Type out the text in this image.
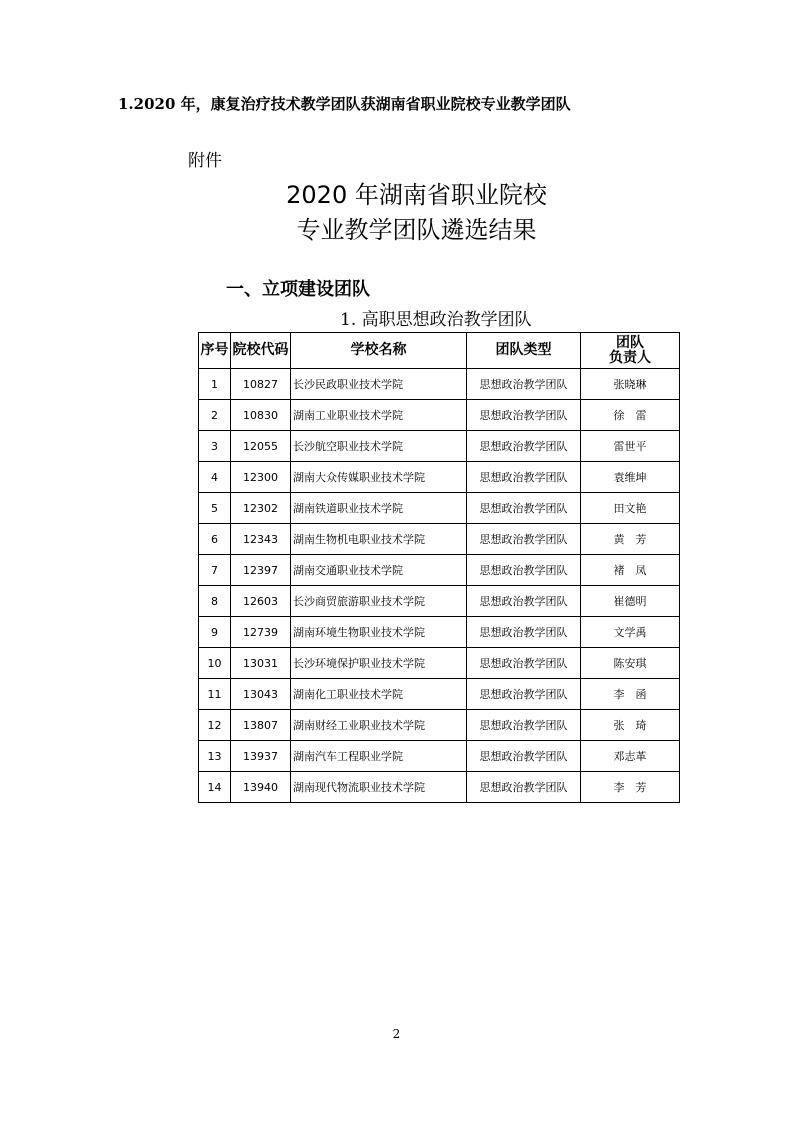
1.2020 年，康复治疗技术教学团队获湖南省职业院校专业教学团队
附件
2020 年湖南省职业院校
专业教学团队遴选结果
一、立项建设团队
1. 高职思想政治教学团队
序号	院校代码	学校名称	团队类型	团队
负责人

1	10827	长沙民政职业技术学院	思想政治教学团队	张晓琳
2	10830	湖南工业职业技术学院	思想政治教学团队	徐　雷
3	12055	长沙航空职业技术学院	思想政治教学团队	雷世平
4	12300	湖南大众传媒职业技术学院	思想政治教学团队	袁维坤
5	12302	湖南铁道职业技术学院	思想政治教学团队	田文艳
6	12343	湖南生物机电职业技术学院	思想政治教学团队	黄　芳
7	12397	湖南交通职业技术学院	思想政治教学团队	褚　凤
8	12603	长沙商贸旅游职业技术学院	思想政治教学团队	崔德明
9	12739	湖南环境生物职业技术学院	思想政治教学团队	文学禹
10	13031	长沙环境保护职业技术学院	思想政治教学团队	陈安琪
11	13043	湖南化工职业技术学院	思想政治教学团队	李　函
12	13807	湖南财经工业职业技术学院	思想政治教学团队	张　琦
13	13937	湖南汽车工程职业学院	思想政治教学团队	邓志革
14	13940	湖南现代物流职业技术学院	思想政治教学团队	李　芳
2
